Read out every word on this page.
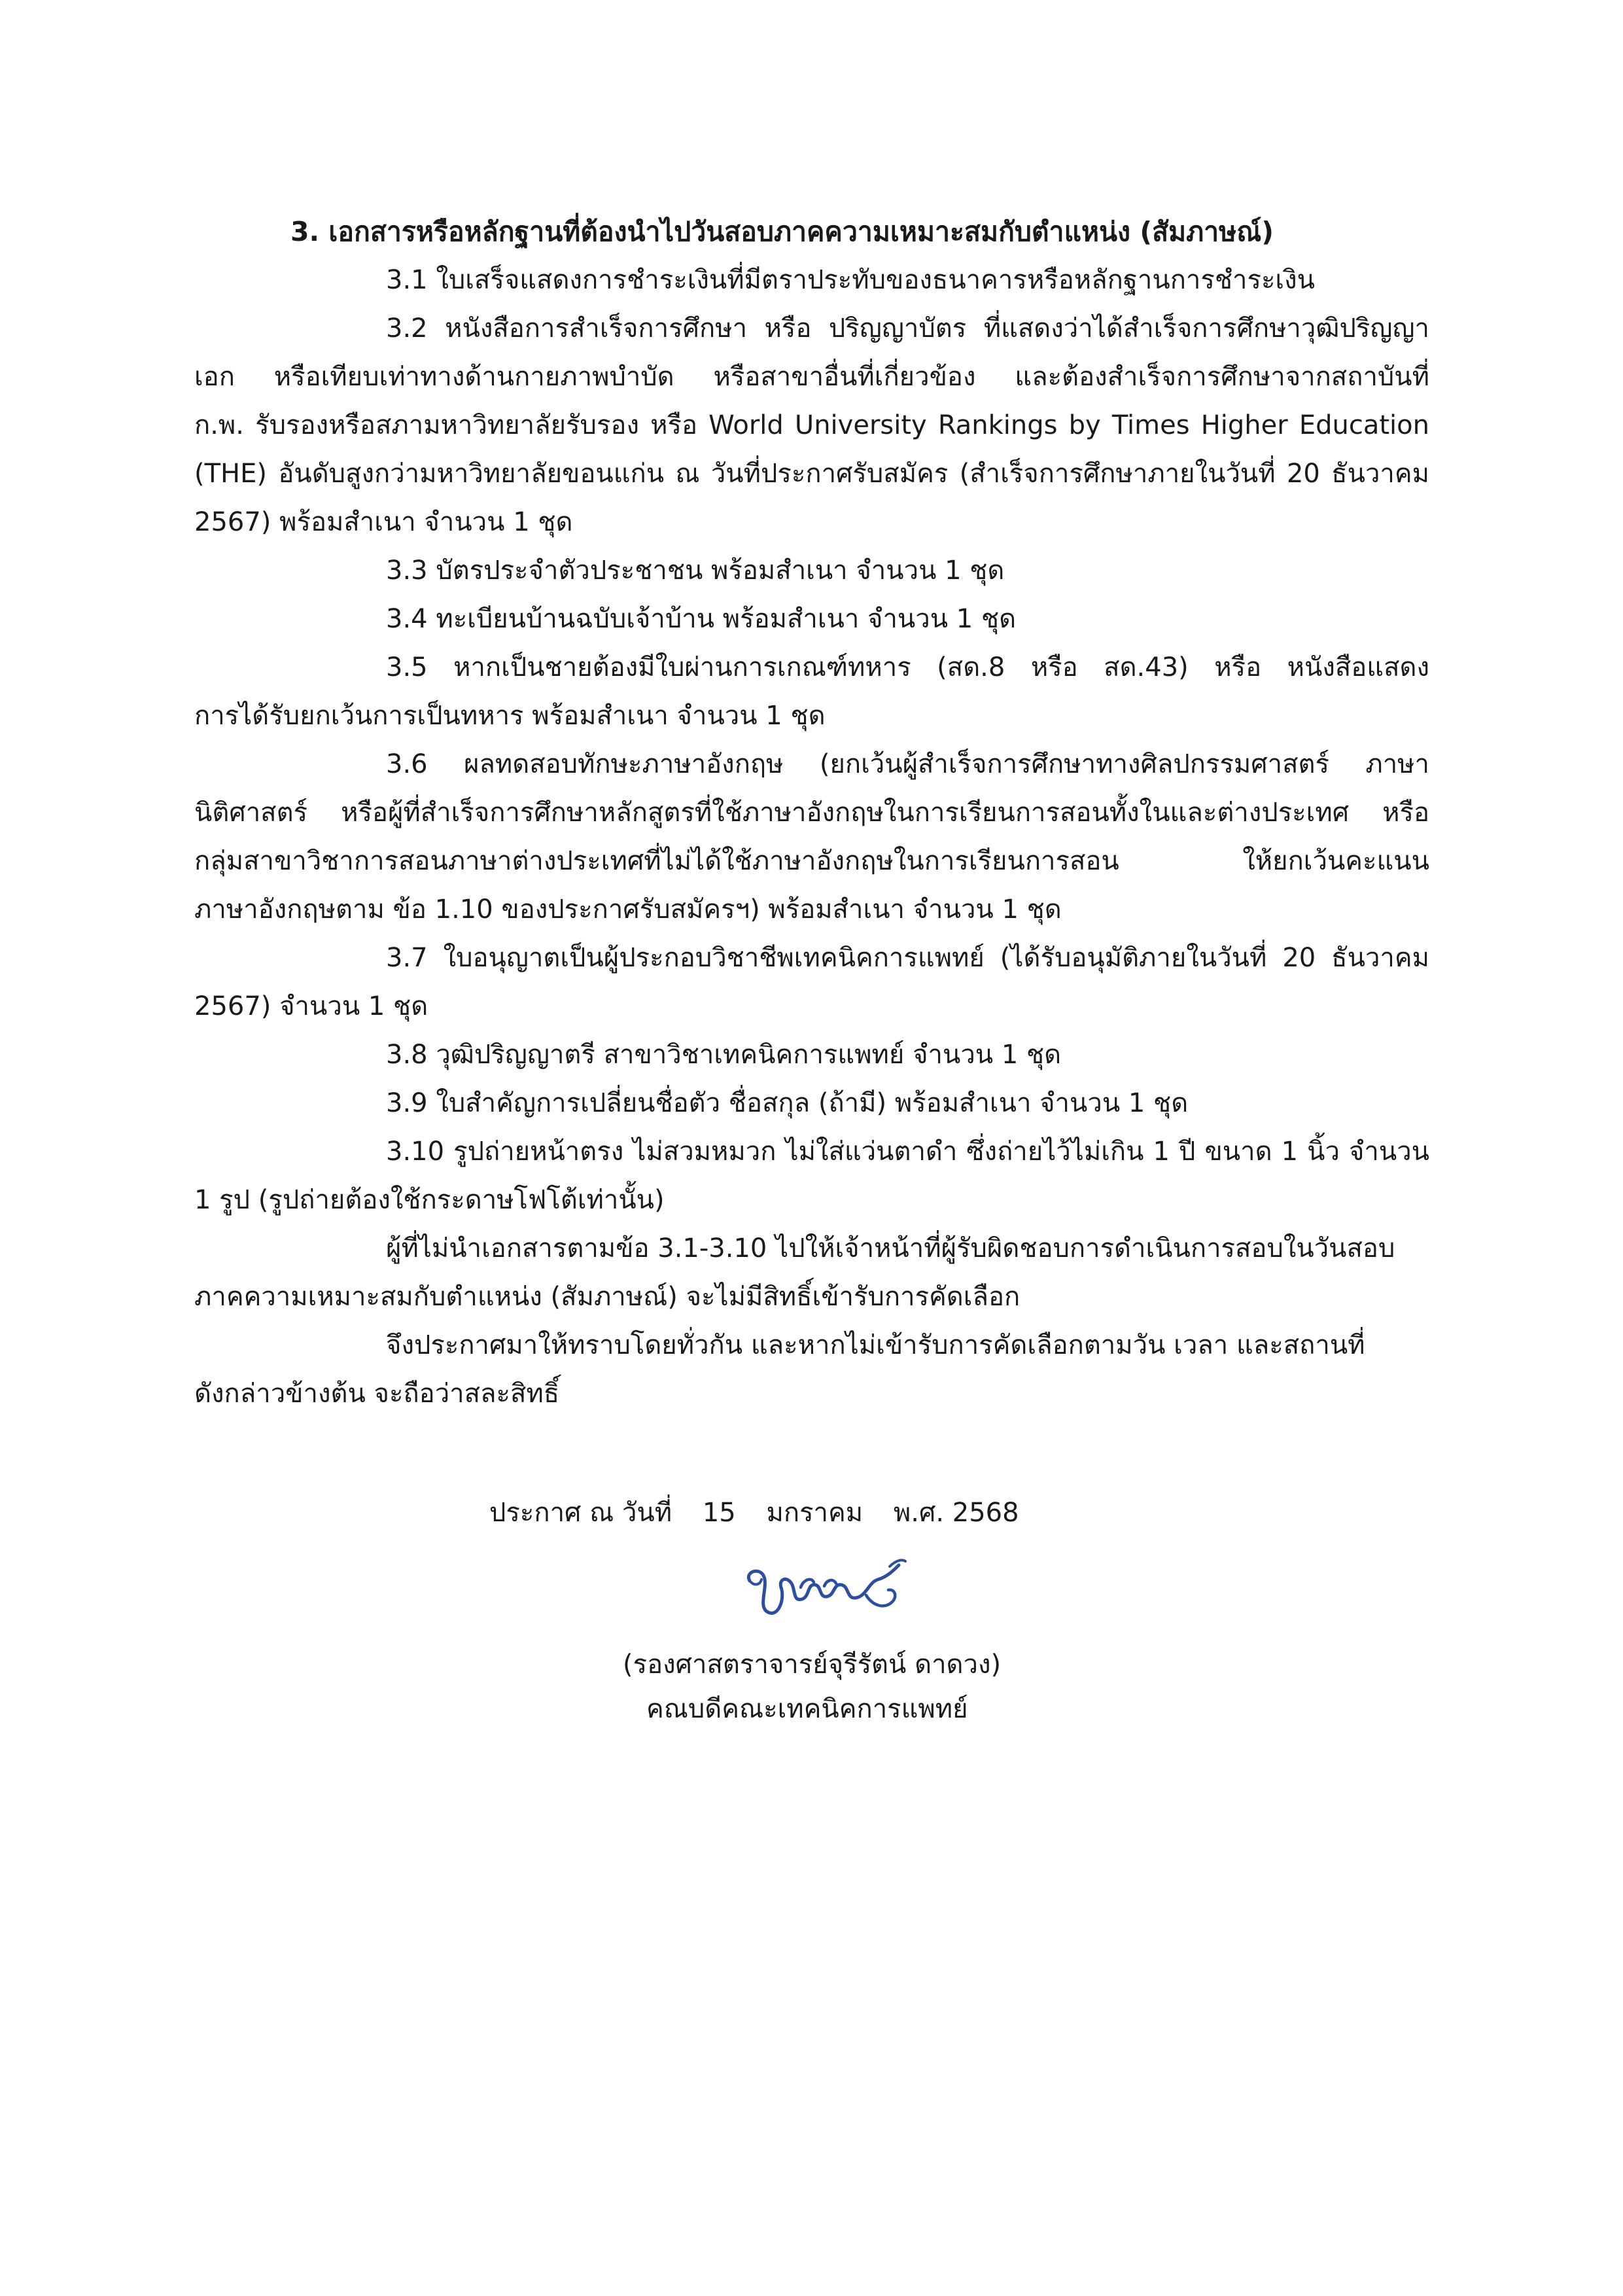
3. เอกสารหรือหลักฐานที่ต้องนำไปวันสอบภาคความเหมาะสมกับตำแหน่ง (สัมภาษณ์)
3.1 ใบเสร็จแสดงการชำระเงินที่มีตราประทับของธนาคารหรือหลักฐานการชำระเงิน
3.2 หนังสือการสำเร็จการศึกษา หรือ ปริญญาบัตร ที่แสดงว่าได้สำเร็จการศึกษาวุฒิปริญญา
เอก หรือเทียบเท่าทางด้านกายภาพบำบัด หรือสาขาอื่นที่เกี่ยวข้อง และต้องสำเร็จการศึกษาจากสถาบันที่
ก.พ. รับรองหรือสภามหาวิทยาลัยรับรอง หรือ World University Rankings by Times Higher Education
(THE) อันดับสูงกว่ามหาวิทยาลัยขอนแก่น ณ วันที่ประกาศรับสมัคร (สำเร็จการศึกษาภายในวันที่ 20 ธันวาคม
2567) พร้อมสำเนา จำนวน 1 ชุด
3.3 บัตรประจำตัวประชาชน พร้อมสำเนา จำนวน 1 ชุด
3.4 ทะเบียนบ้านฉบับเจ้าบ้าน พร้อมสำเนา จำนวน 1 ชุด
3.5 หากเป็นชายต้องมีใบผ่านการเกณฑ์ทหาร (สด.8 หรือ สด.43) หรือ หนังสือแสดง
การได้รับยกเว้นการเป็นทหาร พร้อมสำเนา จำนวน 1 ชุด
3.6 ผลทดสอบทักษะภาษาอังกฤษ (ยกเว้นผู้สำเร็จการศึกษาทางศิลปกรรมศาสตร์ ภาษา
นิติศาสตร์ หรือผู้ที่สำเร็จการศึกษาหลักสูตรที่ใช้ภาษาอังกฤษในการเรียนการสอนทั้งในและต่างประเทศ หรือ
กลุ่มสาขาวิชาการสอนภาษาต่างประเทศที่ไม่ได้ใช้ภาษาอังกฤษในการเรียนการสอน ให้ยกเว้นคะแนน
ภาษาอังกฤษตาม ข้อ 1.10 ของประกาศรับสมัครฯ) พร้อมสำเนา จำนวน 1 ชุด
3.7 ใบอนุญาตเป็นผู้ประกอบวิชาชีพเทคนิคการแพทย์ (ได้รับอนุมัติภายในวันที่ 20 ธันวาคม
2567) จำนวน 1 ชุด
3.8 วุฒิปริญญาตรี สาขาวิชาเทคนิคการแพทย์ จำนวน 1 ชุด
3.9 ใบสำคัญการเปลี่ยนชื่อตัว ชื่อสกุล (ถ้ามี) พร้อมสำเนา จำนวน 1 ชุด
3.10 รูปถ่ายหน้าตรง ไม่สวมหมวก ไม่ใส่แว่นตาดำ ซึ่งถ่ายไว้ไม่เกิน 1 ปี ขนาด 1 นิ้ว จำนวน
1 รูป (รูปถ่ายต้องใช้กระดาษโฟโต้เท่านั้น)
ผู้ที่ไม่นำเอกสารตามข้อ 3.1-3.10 ไปให้เจ้าหน้าที่ผู้รับผิดชอบการดำเนินการสอบในวันสอบ
ภาคความเหมาะสมกับตำแหน่ง (สัมภาษณ์) จะไม่มีสิทธิ์เข้ารับการคัดเลือก
จึงประกาศมาให้ทราบโดยทั่วกัน และหากไม่เข้ารับการคัดเลือกตามวัน เวลา และสถานที่
ดังกล่าวข้างต้น จะถือว่าสละสิทธิ์
ประกาศ ณ วันที่ 15 มกราคม พ.ศ. 2568
(รองศาสตราจารย์จุรีรัตน์ ดาดวง)
คณบดีคณะเทคนิคการแพทย์
